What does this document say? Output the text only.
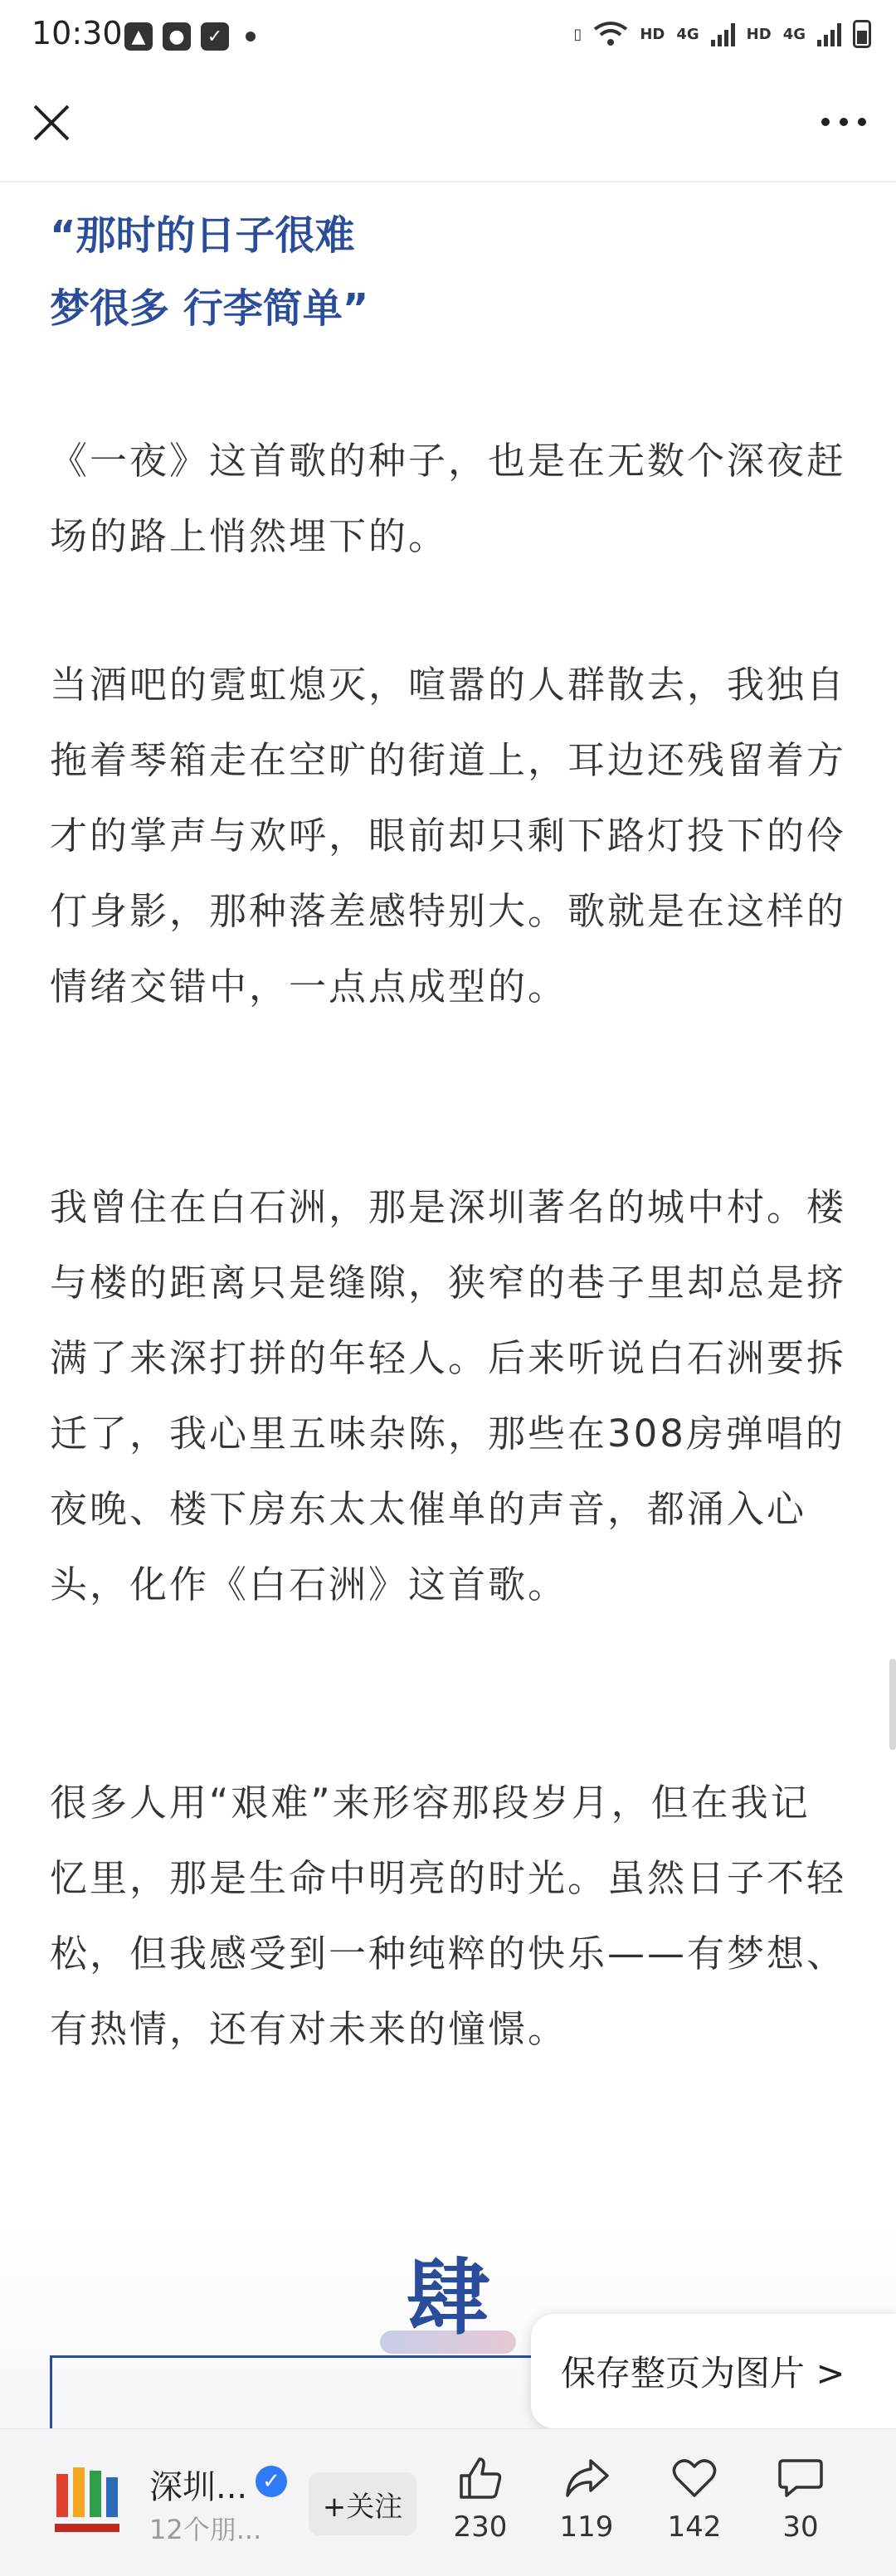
10:30 ▲	●	✓	▯	HD 4G	HD 4G

“那时的日子很难

梦很多 行李简单”

《一夜》这首歌的种子，也是在无数个深夜赶场的路上悄然埋下的。

当酒吧的霓虹熄灭，喧嚣的人群散去，我独自拖着琴箱走在空旷的街道上，耳边还残留着方才的掌声与欢呼，眼前却只剩下路灯投下的伶仃身影，那种落差感特别大。歌就是在这样的情绪交错中，一点点成型的。

我曾住在白石洲，那是深圳著名的城中村。楼与楼的距离只是缝隙，狭窄的巷子里却总是挤满了来深打拼的年轻人。后来听说白石洲要拆迁了，我心里五味杂陈，那些在308房弹唱的夜晚、楼下房东太太催单的声音，都涌入心头，化作《白石洲》这首歌。

很多人用“艰难”来形容那段岁月，但在我记忆里，那是生命中明亮的时光。虽然日子不轻松，但我感受到一种纯粹的快乐——有梦想、有热情，还有对未来的憧憬。

肆
保存整页为图片 >
深圳... ✓
12个朋...
+关注
230	119	142	30
